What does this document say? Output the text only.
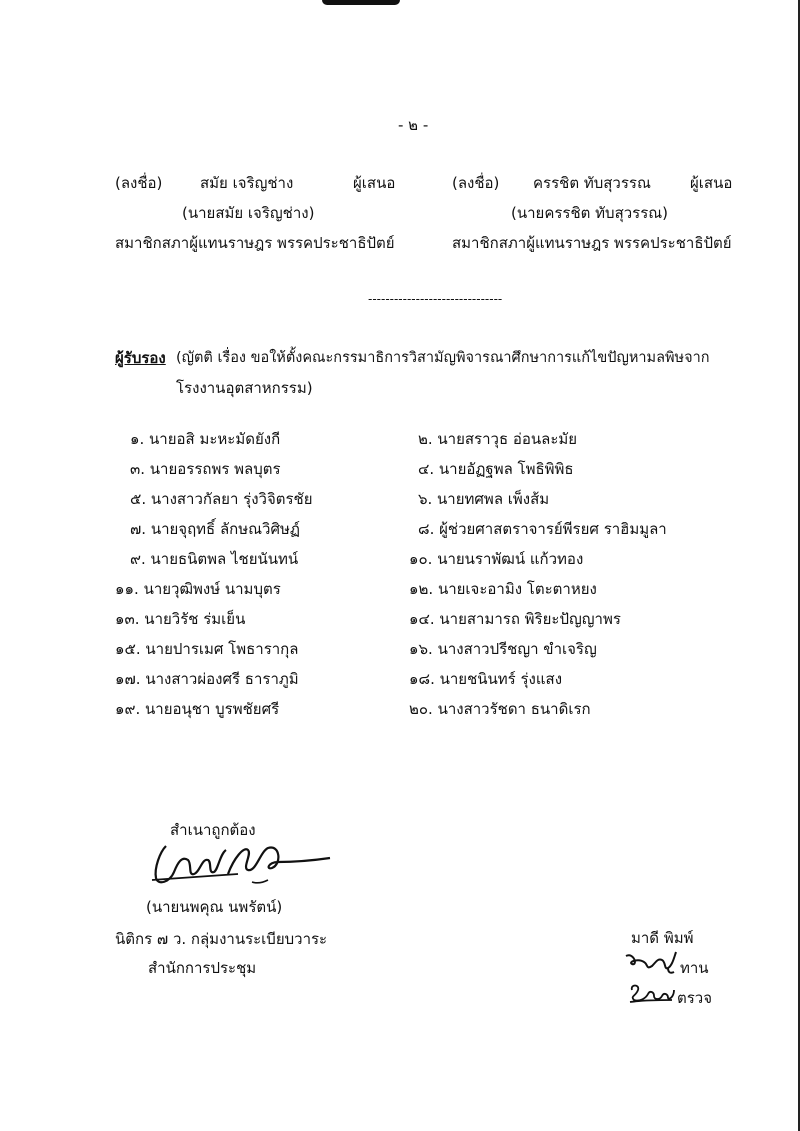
- ๒ -
(ลงชื่อ)	สมัย เจริญช่าง	ผู้เสนอ
(นายสมัย เจริญช่าง)
สมาชิกสภาผู้แทนราษฎร พรรคประชาธิปัตย์
(ลงชื่อ) ครรชิต ทับสุวรรณ	ผู้เสนอ
(นายครรชิต ทับสุวรรณ)
สมาชิกสภาผู้แทนราษฎร พรรคประชาธิปัตย์
-------------------------------
ผู้รับรอง (ญัตติ เรื่อง ขอให้ตั้งคณะกรรมาธิการวิสามัญพิจารณาศึกษาการแก้ไขปัญหามลพิษจาก
โรงงานอุตสาหกรรม)
๑. นายอสิ มะหะมัดยังกี	๒. นายสราวุธ อ่อนละมัย
๓. นายอรรถพร พลบุตร	๔. นายอัฏฐพล โพธิพิพิธ
๕. นางสาวกัลยา รุ่งวิจิตรชัย	๖. นายทศพล เพ็งส้ม
๗. นายจุฤทธิ์ ลักษณวิศิษฏ์	๘. ผู้ช่วยศาสตราจารย์พีรยศ ราฮิมมูลา
๙. นายธนิตพล ไชยนันทน์	๑๐. นายนราพัฒน์ แก้วทอง
๑๑. นายวุฒิพงษ์ นามบุตร	๑๒. นายเจะอามิง โตะตาหยง
๑๓. นายวิรัช ร่มเย็น	๑๔. นายสามารถ พิริยะปัญญาพร
๑๕. นายปารเมศ โพธารากุล	๑๖. นางสาวปรีชญา ขำเจริญ
๑๗. นางสาวผ่องศรี ธาราภูมิ	๑๘. นายชนินทร์ รุ่งแสง
๑๙. นายอนุชา บูรพชัยศรี	๒๐. นางสาวรัชดา ธนาดิเรก
สำเนาถูกต้อง
(นายนพคุณ นพรัตน์)
นิติกร ๗ ว. กลุ่มงานระเบียบวาระ
สำนักการประชุม
มาดี พิมพ์
ทาน
ตรวจ
